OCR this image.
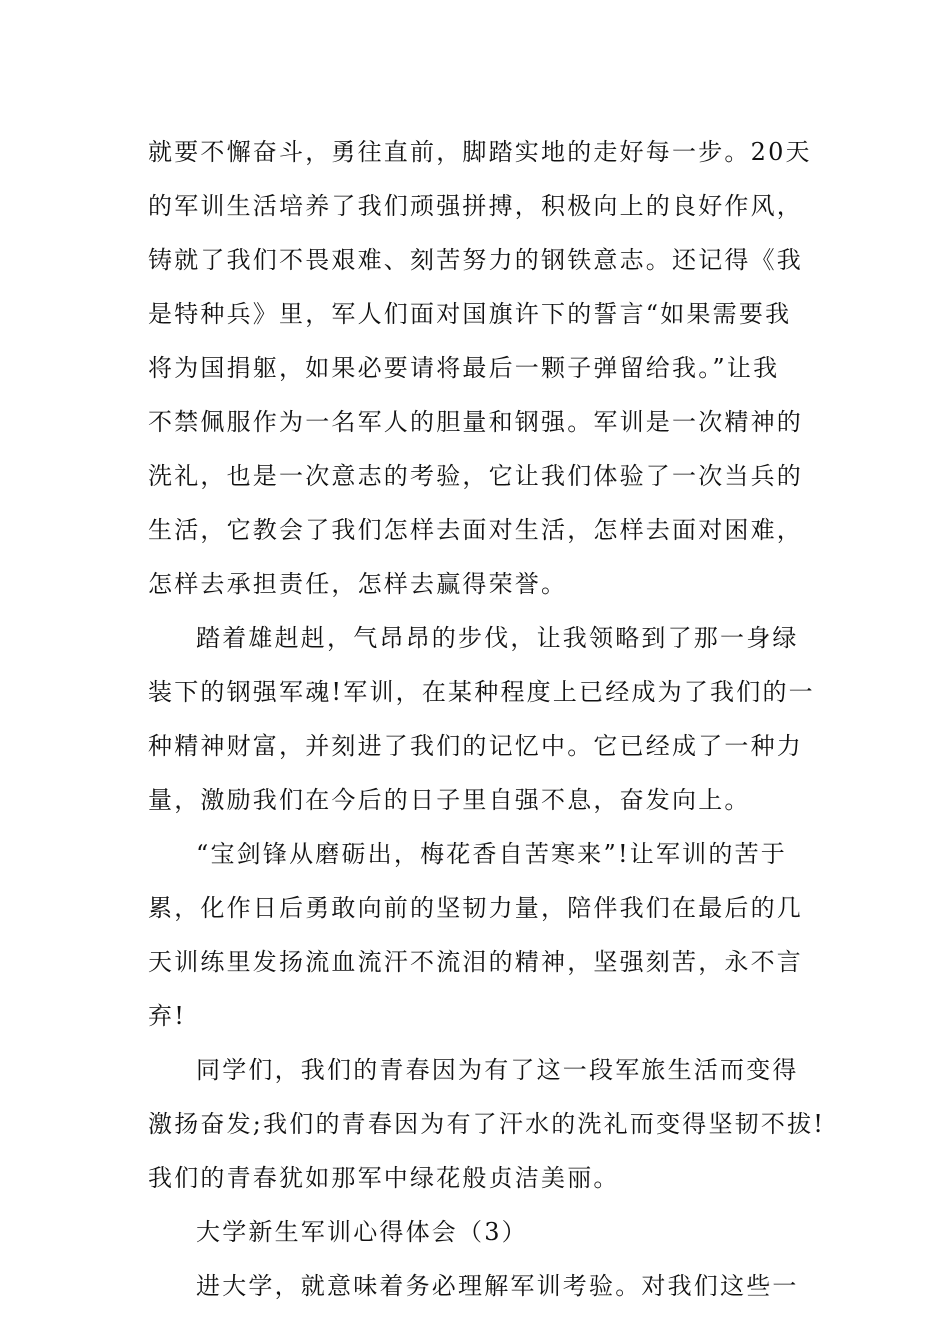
就要不懈奋斗，勇往直前，脚踏实地的走好每一步。20天
的军训生活培养了我们顽强拼搏，积极向上的良好作风，
铸就了我们不畏艰难、刻苦努力的钢铁意志。还记得《我
是特种兵》里，军人们面对国旗许下的誓言“如果需要我
将为国捐躯，如果必要请将最后一颗子弹留给我。”让我
不禁佩服作为一名军人的胆量和钢强。军训是一次精神的
洗礼，也是一次意志的考验，它让我们体验了一次当兵的
生活，它教会了我们怎样去面对生活，怎样去面对困难，
怎样去承担责任，怎样去赢得荣誉。
踏着雄赳赳，气昂昂的步伐，让我领略到了那一身绿
装下的钢强军魂!军训，在某种程度上已经成为了我们的一
种精神财富，并刻进了我们的记忆中。它已经成了一种力
量，激励我们在今后的日子里自强不息，奋发向上。
“宝剑锋从磨砺出，梅花香自苦寒来”!让军训的苦于
累，化作日后勇敢向前的坚韧力量，陪伴我们在最后的几
天训练里发扬流血流汗不流泪的精神，坚强刻苦，永不言
弃!
同学们，我们的青春因为有了这一段军旅生活而变得
激扬奋发;我们的青春因为有了汗水的洗礼而变得坚韧不拔!
我们的青春犹如那军中绿花般贞洁美丽。
大学新生军训心得体会（3）
进大学，就意味着务必理解军训考验。对我们这些一
